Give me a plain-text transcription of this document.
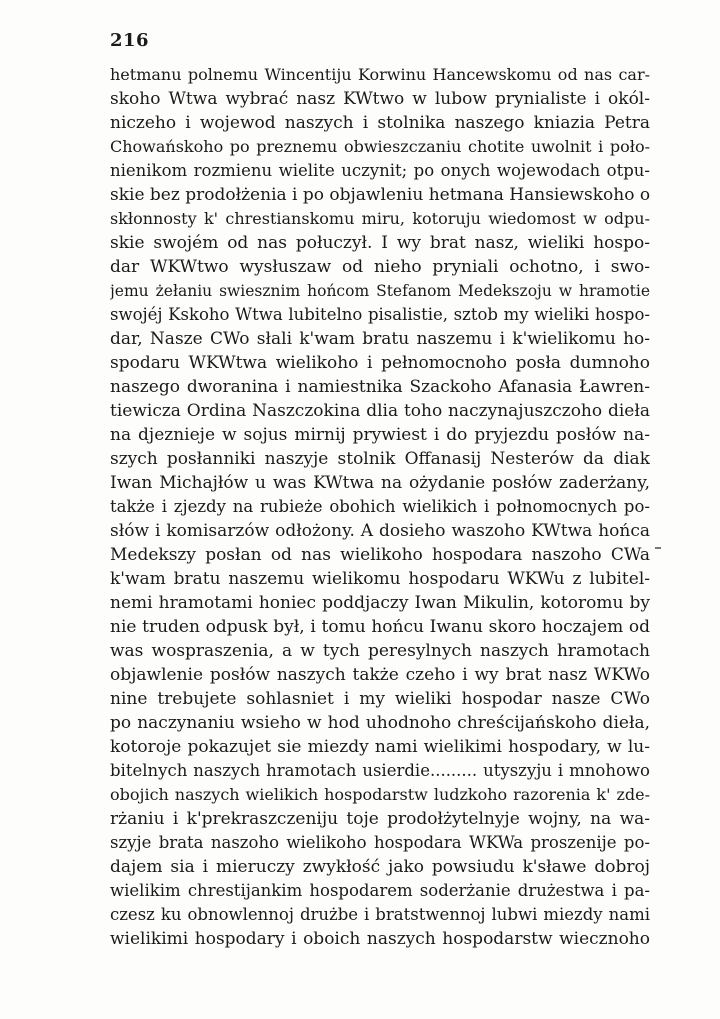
216
hetmanu polnemu Wincentiju Korwinu Hancewskomu od nas car-
skoho Wtwa wybrać nasz KWtwo w lubow prynialiste i okól-
niczeho i wojewod naszych i stolnika naszego kniazia Petra
Chowańskoho po preznemu obwieszczaniu chotite uwolnit i poło-
nienikom rozmienu wielite uczynit; po onych wojewodach otpu-
skie bez prodołżenia i po objawleniu hetmana Hansiewskoho o
skłonnosty k' chrestianskomu miru, kotoruju wiedomost w odpu-
skie swojém od nas połuczył. I wy brat nasz, wieliki hospo-
dar WKWtwo wysłuszaw od nieho pryniali ochotno, i swo-
jemu żełaniu swiesznim hońcom Stefanom Medekszoju w hramotie
swojéj Kskoho Wtwa lubitelno pisalistie, sztob my wieliki hospo-
dar, Nasze CWo słali k'wam bratu naszemu i k'wielikomu ho-
spodaru WKWtwa wielikoho i pełnomocnoho posła dumnoho
naszego dworanina i namiestnika Szackoho Afanasia Ławren-
tiewicza Ordina Naszczokina dlia toho naczynajuszczoho dieła
na djeznieje w sojus mirnij prywiest i do pryjezdu posłów na-
szych posłanniki naszyje stolnik Offanasij Nesterów da diak
Iwan Michajłów u was KWtwa na ożydanie posłów zaderżany,
także i zjezdy na rubieże obohich wielikich i połnomocnych po-
słów i komisarzów odłożony. A dosieho waszoho KWtwa hońca
Medekszy posłan od nas wielikoho hospodara naszoho CWa
k'wam bratu naszemu wielikomu hospodaru WKWu z lubitel-
nemi hramotami honiec poddjaczy Iwan Mikulin, kotoromu by
nie truden odpusk był, i tomu hońcu Iwanu skoro hoczajem od
was wospraszenia, a w tych peresylnych naszych hramotach
objawlenie posłów naszych także czeho i wy brat nasz WKWo
nine trebujete sohlasniet i my wieliki hospodar nasze CWo
po naczynaniu wsieho w hod uhodnoho chreścijańskoho dieła,
kotoroje pokazujet sie miezdy nami wielikimi hospodary, w lu-
bitelnych naszych hramotach usierdie......... utyszyju i mnohowo
obojich naszych wielikich hospodarstw ludzkoho razorenia k' zde-
rżaniu i k'prekraszczeniju toje prodołżytelnyje wojny, na wa-
szyje brata naszoho wielikoho hospodara WKWa proszenije po-
dajem sia i mieruczy zwykłość jako powsiudu k'sławe dobroj
wielikim chrestijankim hospodarem soderżanie drużestwa i pa-
czesz ku obnowlennoj drużbe i bratstwennoj lubwi miezdy nami
wielikimi hospodary i oboich naszych hospodarstw wiecznoho
